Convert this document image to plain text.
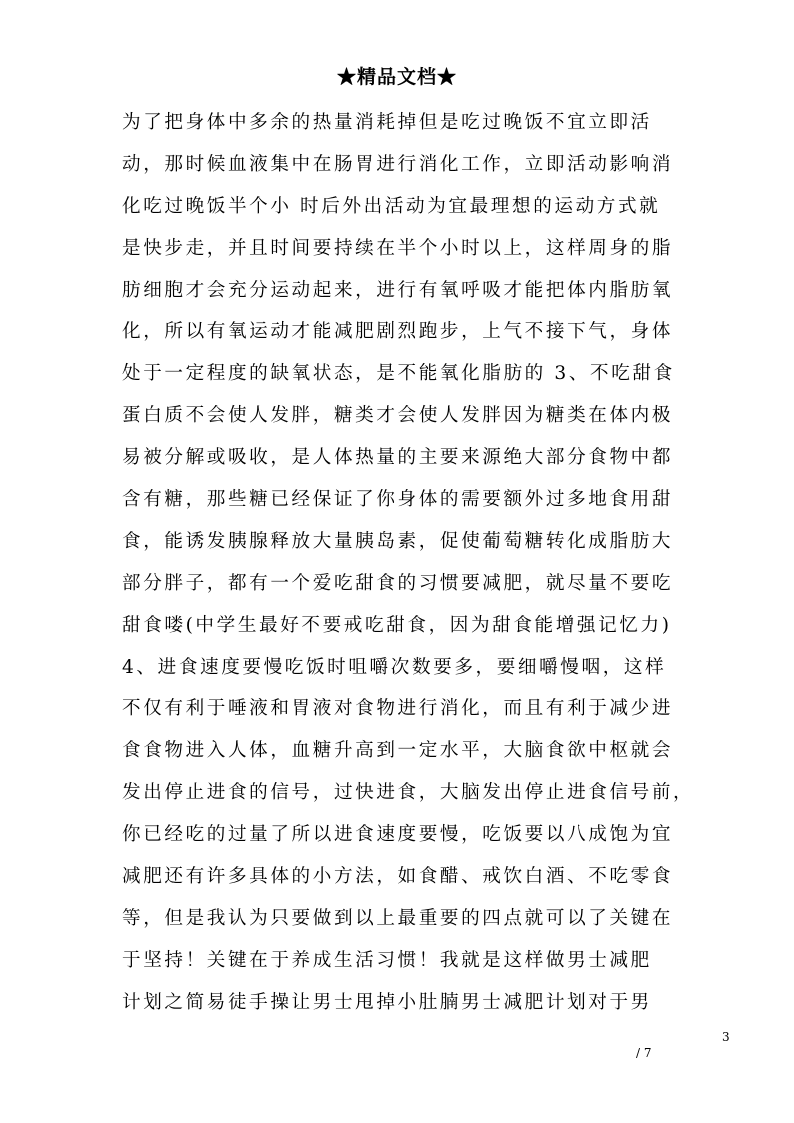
★精品文档★
为了把身体中多余的热量消耗掉但是吃过晚饭不宜立即活
动，那时候血液集中在肠胃进行消化工作，立即活动影响消
化吃过晚饭半个小 时后外出活动为宜最理想的运动方式就
是快步走，并且时间要持续在半个小时以上，这样周身的脂
肪细胞才会充分运动起来，进行有氧呼吸才能把体内脂肪氧
化，所以有氧运动才能减肥剧烈跑步，上气不接下气，身体
处于一定程度的缺氧状态，是不能氧化脂肪的 3、不吃甜食
蛋白质不会使人发胖，糖类才会使人发胖因为糖类在体内极
易被分解或吸收，是人体热量的主要来源绝大部分食物中都
含有糖，那些糖已经保证了你身体的需要额外过多地食用甜
食，能诱发胰腺释放大量胰岛素，促使葡萄糖转化成脂肪大
部分胖子，都有一个爱吃甜食的习惯要减肥，就尽量不要吃
甜食喽(中学生最好不要戒吃甜食，因为甜食能增强记忆力)
4、进食速度要慢吃饭时咀嚼次数要多，要细嚼慢咽，这样
不仅有利于唾液和胃液对食物进行消化，而且有利于减少进
食食物进入人体，血糖升高到一定水平，大脑食欲中枢就会
发出停止进食的信号，过快进食，大脑发出停止进食信号前，
你已经吃的过量了所以进食速度要慢，吃饭要以八成饱为宜
减肥还有许多具体的小方法，如食醋、戒饮白酒、不吃零食
等，但是我认为只要做到以上最重要的四点就可以了关键在
于坚持！关键在于养成生活习惯！我就是这样做男士减肥
计划之简易徒手操让男士甩掉小肚腩男士减肥计划对于男
3
/ 7
